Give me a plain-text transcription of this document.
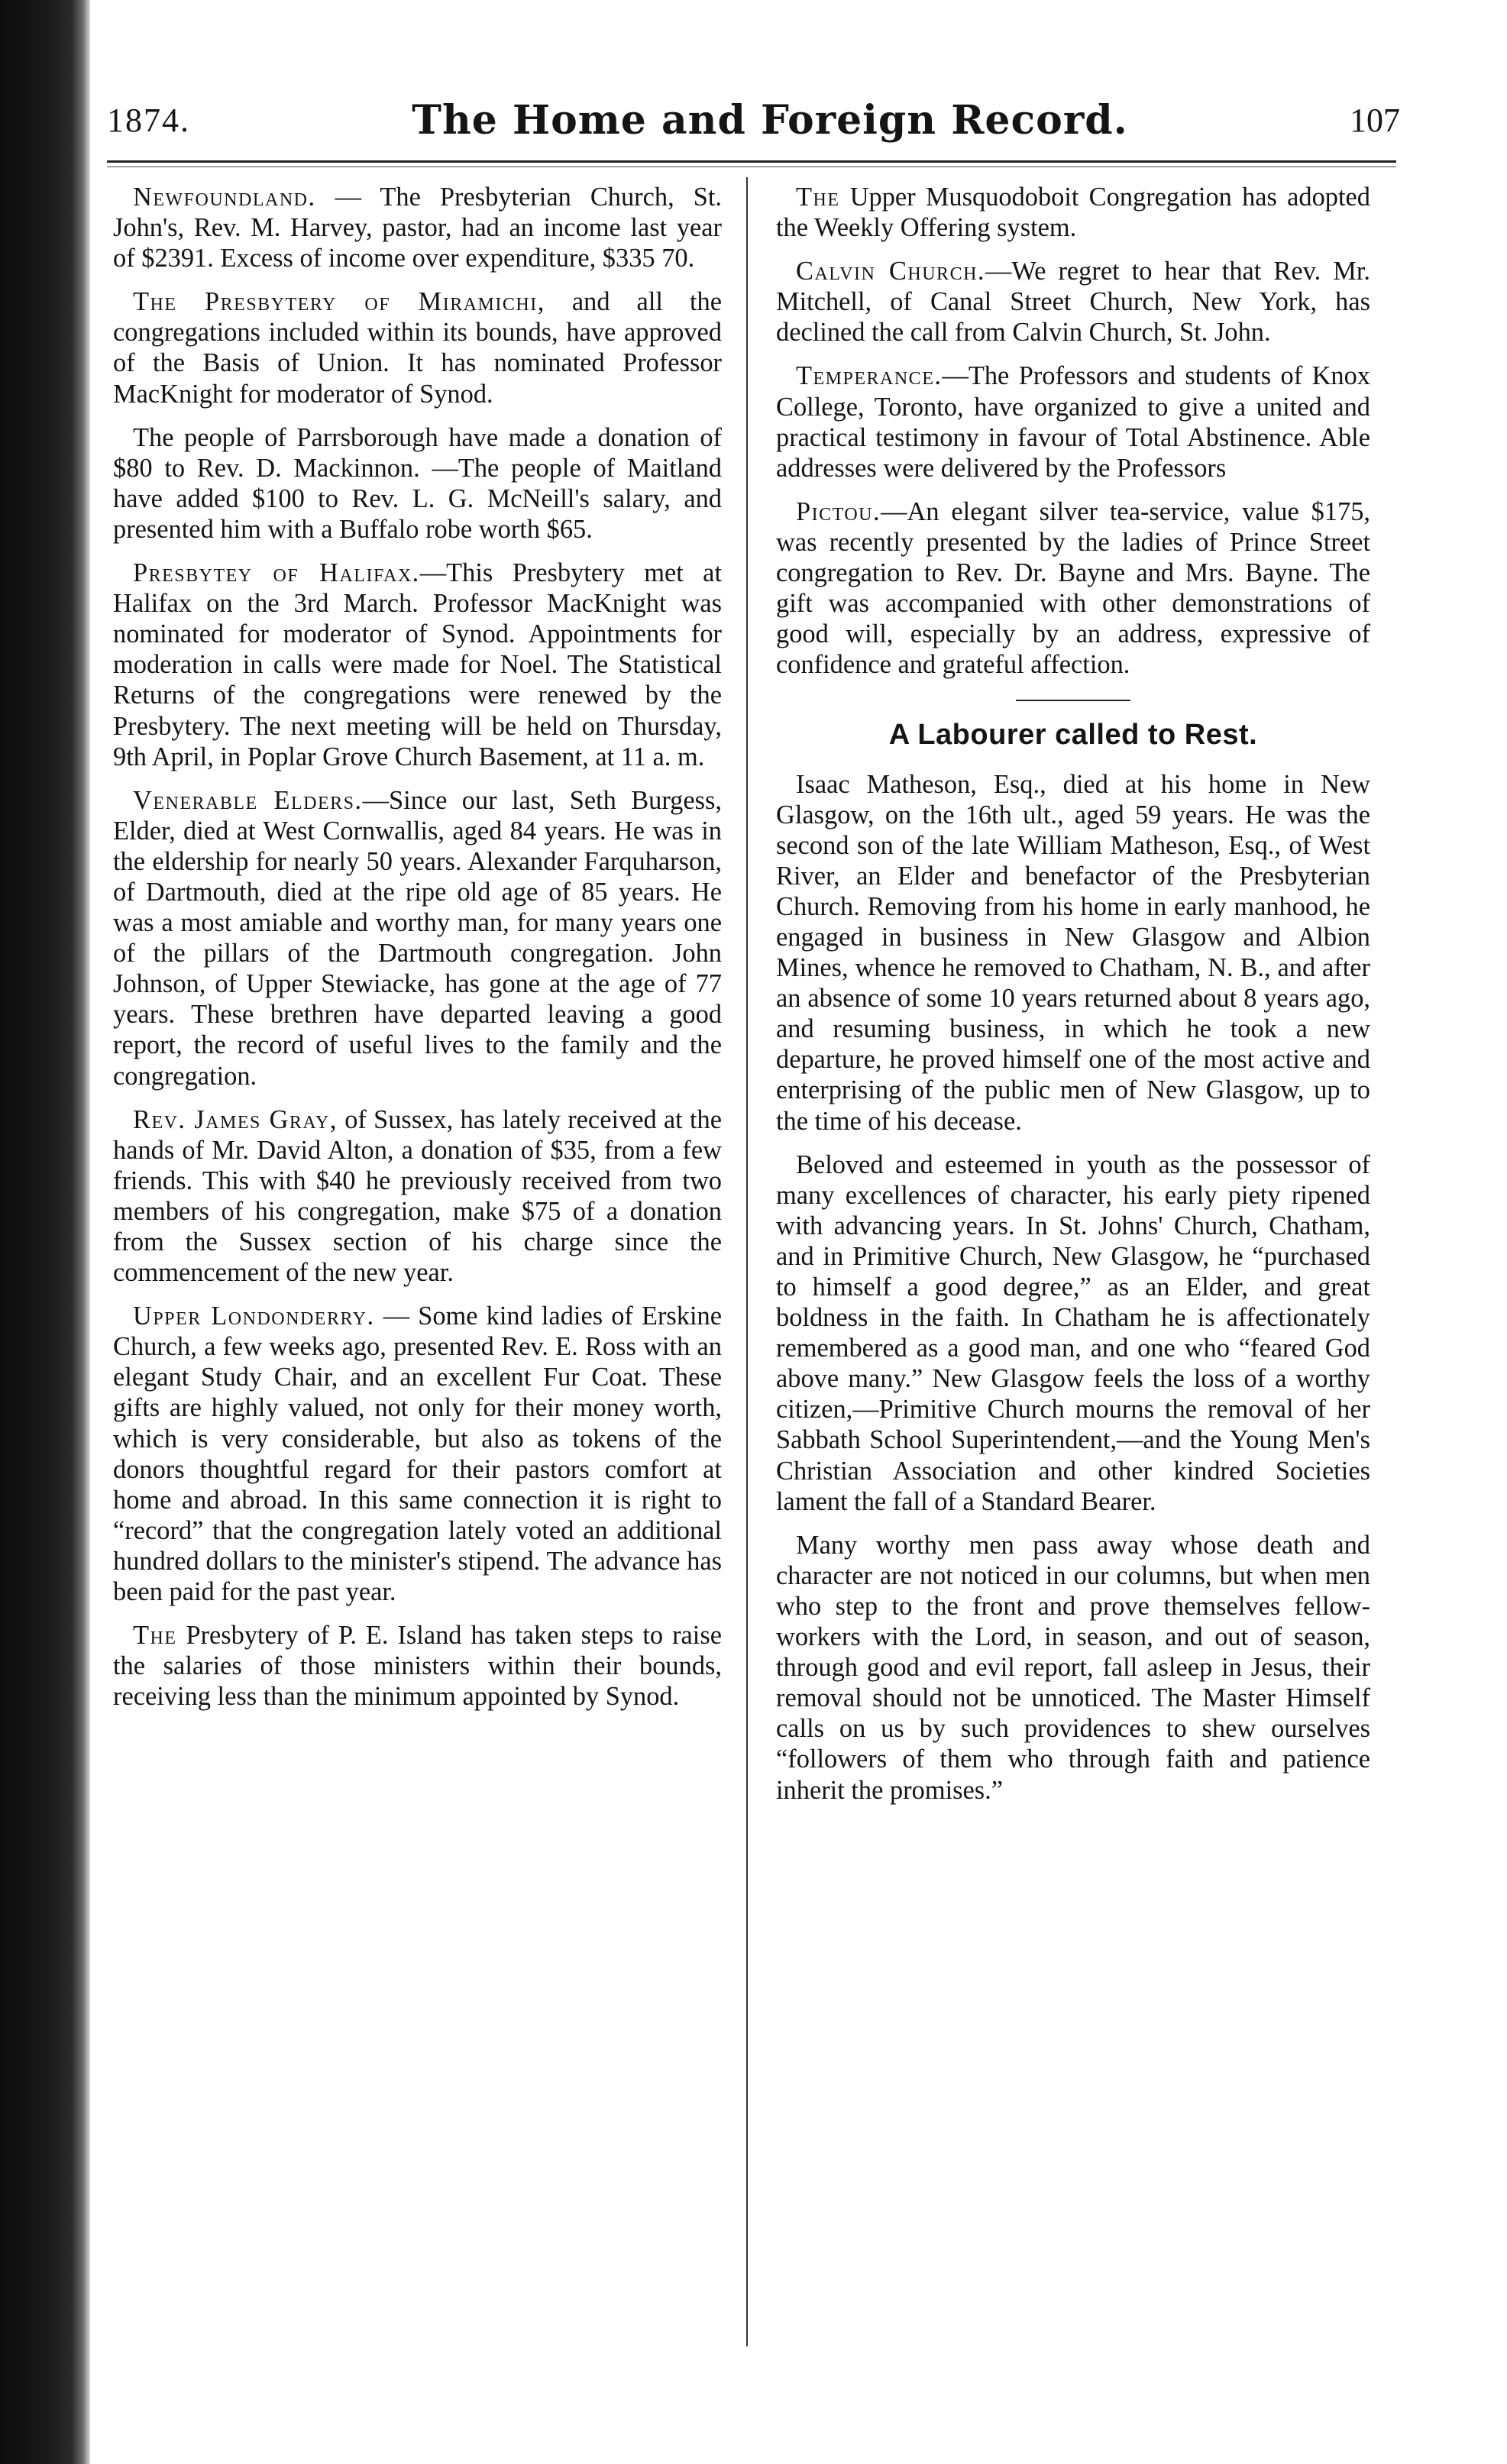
1874.	The Home and Foreign Record.	107

Newfoundland. — The Presbyterian Church, St. John's, Rev. M. Harvey, pastor, had an income last year of $2391. Excess of income over expenditure, $335 70.

The Presbytery of Miramichi, and all the congregations included within its bounds, have approved of the Basis of Union. It has nominated Professor MacKnight for moderator of Synod.

The people of Parrsborough have made a donation of $80 to Rev. D. Mackinnon. —The people of Maitland have added $100 to Rev. L. G. McNeill's salary, and presented him with a Buffalo robe worth $65.

Presbytey of Halifax.—This Presbytery met at Halifax on the 3rd March. Professor MacKnight was nominated for moderator of Synod. Appointments for moderation in calls were made for Noel. The Statistical Returns of the congregations were renewed by the Presbytery. The next meeting will be held on Thursday, 9th April, in Poplar Grove Church Basement, at 11 a. m.

Venerable Elders.—Since our last, Seth Burgess, Elder, died at West Cornwallis, aged 84 years. He was in the eldership for nearly 50 years. Alexander Farquharson, of Dartmouth, died at the ripe old age of 85 years. He was a most amiable and worthy man, for many years one of the pillars of the Dartmouth congregation. John Johnson, of Upper Stewiacke, has gone at the age of 77 years. These brethren have departed leaving a good report, the record of useful lives to the family and the congregation.

Rev. James Gray, of Sussex, has lately received at the hands of Mr. David Alton, a donation of $35, from a few friends. This with $40 he previously received from two members of his congregation, make $75 of a donation from the Sussex section of his charge since the commencement of the new year.

Upper Londonderry. — Some kind ladies of Erskine Church, a few weeks ago, presented Rev. E. Ross with an elegant Study Chair, and an excellent Fur Coat. These gifts are highly valued, not only for their money worth, which is very considerable, but also as tokens of the donors thoughtful regard for their pastors comfort at home and abroad. In this same connection it is right to “record” that the congregation lately voted an additional hundred dollars to the minister's stipend. The advance has been paid for the past year.

The Presbytery of P. E. Island has taken steps to raise the salaries of those ministers within their bounds, receiving less than the minimum appointed by Synod.

The Upper Musquodoboit Congregation has adopted the Weekly Offering system.

Calvin Church.—We regret to hear that Rev. Mr. Mitchell, of Canal Street Church, New York, has declined the call from Calvin Church, St. John.

Temperance.—The Professors and students of Knox College, Toronto, have organized to give a united and practical testimony in favour of Total Abstinence. Able addresses were delivered by the Professors

Pictou.—An elegant silver tea-service, value $175, was recently presented by the ladies of Prince Street congregation to Rev. Dr. Bayne and Mrs. Bayne. The gift was accompanied with other demonstrations of good will, especially by an address, expressive of confidence and grateful affection.

A Labourer called to Rest.

Isaac Matheson, Esq., died at his home in New Glasgow, on the 16th ult., aged 59 years. He was the second son of the late William Matheson, Esq., of West River, an Elder and benefactor of the Presbyterian Church. Removing from his home in early manhood, he engaged in business in New Glasgow and Albion Mines, whence he removed to Chatham, N. B., and after an absence of some 10 years returned about 8 years ago, and resuming business, in which he took a new departure, he proved himself one of the most active and enterprising of the public men of New Glasgow, up to the time of his decease.

Beloved and esteemed in youth as the possessor of many excellences of character, his early piety ripened with advancing years. In St. Johns' Church, Chatham, and in Primitive Church, New Glasgow, he “purchased to himself a good degree,” as an Elder, and great boldness in the faith. In Chatham he is affectionately remembered as a good man, and one who “feared God above many.” New Glasgow feels the loss of a worthy citizen,—Primitive Church mourns the removal of her Sabbath School Superintendent,—and the Young Men's Christian Association and other kindred Societies lament the fall of a Standard Bearer.

Many worthy men pass away whose death and character are not noticed in our columns, but when men who step to the front and prove themselves fellow-workers with the Lord, in season, and out of season, through good and evil report, fall asleep in Jesus, their removal should not be unnoticed. The Master Himself calls on us by such providences to shew ourselves “followers of them who through faith and patience inherit the promises.”
